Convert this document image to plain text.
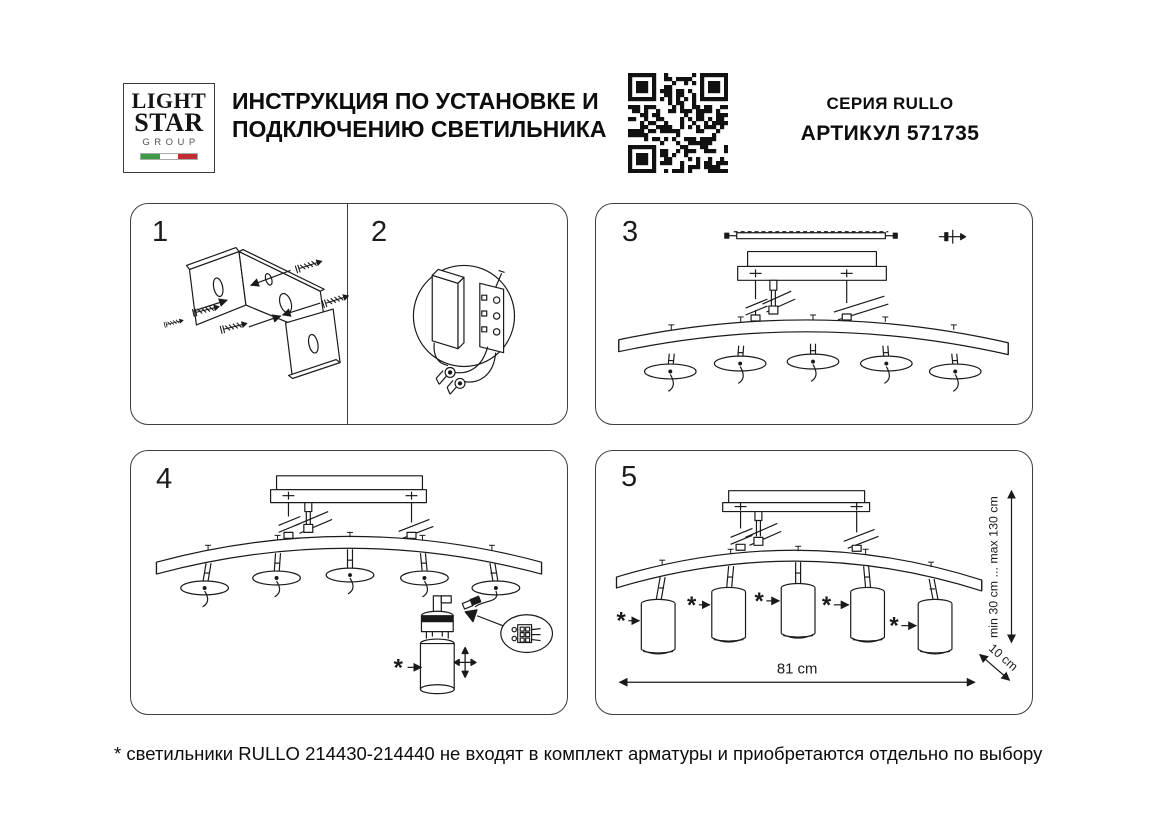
LIGHT
STAR
GROUP
ИНСТРУКЦИЯ ПО УСТАНОВКЕ И
ПОДКЛЮЧЕНИЮ СВЕТИЛЬНИКА
СЕРИЯ RULLO
АРТИКУЛ 571735
1	2	3
4
*
5
*
* * *
*
81 cm
min 30 cm ... max 130 cm
10 cm
* светильники RULLO 214430-214440 не входят в комплект арматуры и приобретаются отдельно по выбору
